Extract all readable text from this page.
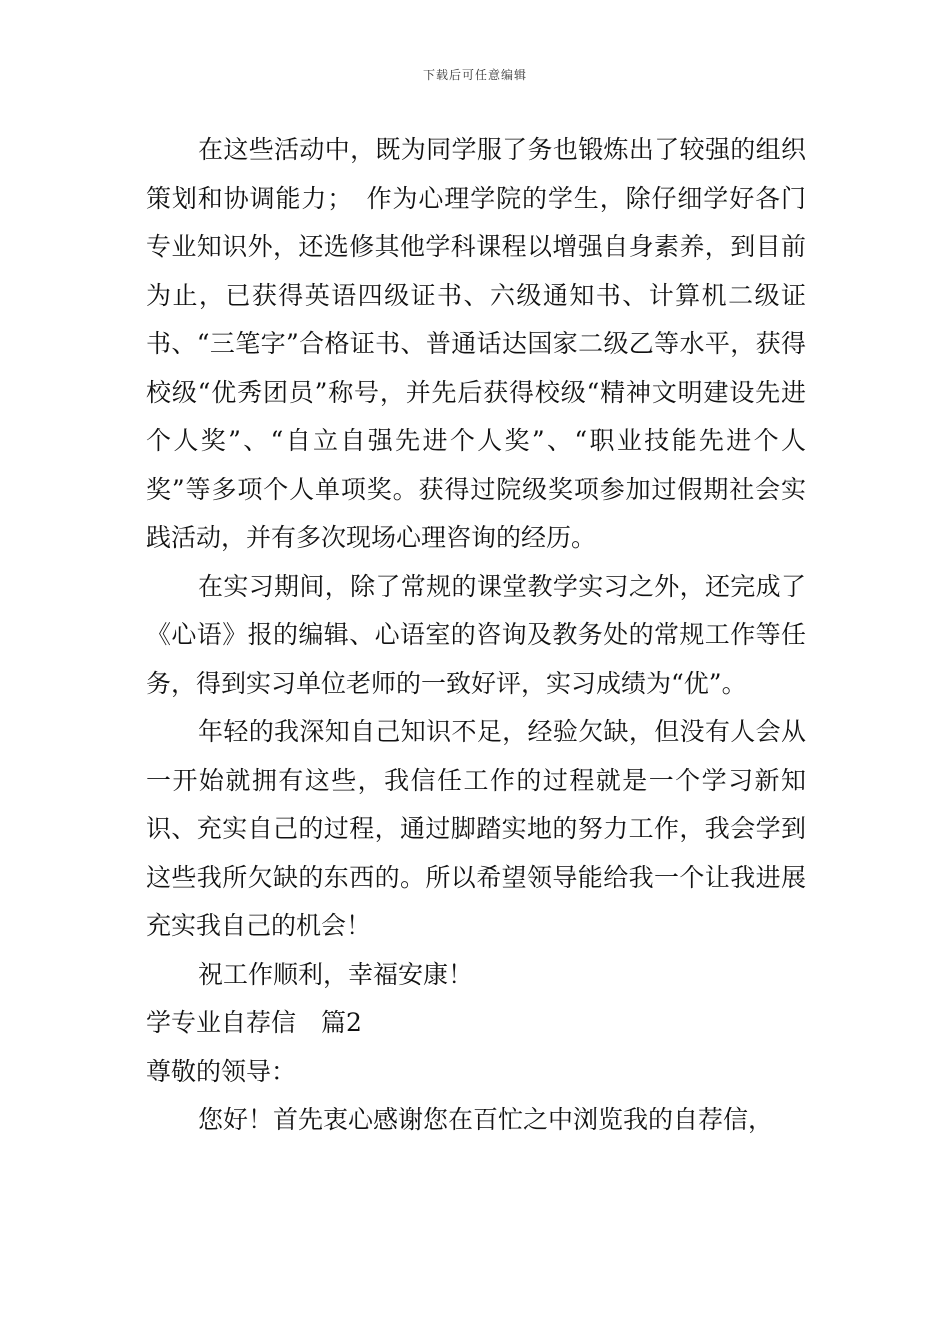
下载后可任意编辑

在这些活动中，既为同学服了务也锻炼出了较强的组织策划和协调能力；　作为心理学院的学生，除仔细学好各门专业知识外，还选修其他学科课程以增强自身素养，到目前为止，已获得英语四级证书、六级通知书、计算机二级证书、“三笔字”合格证书、普通话达国家二级乙等水平，获得校级“优秀团员”称号，并先后获得校级“精神文明建设先进个人奖”、“自立自强先进个人奖”、“职业技能先进个人奖”等多项个人单项奖。获得过院级奖项参加过假期社会实践活动，并有多次现场心理咨询的经历。

在实习期间，除了常规的课堂教学实习之外，还完成了《心语》报的编辑、心语室的咨询及教务处的常规工作等任务，得到实习单位老师的一致好评，实习成绩为“优”。

年轻的我深知自己知识不足，经验欠缺，但没有人会从一开始就拥有这些，我信任工作的过程就是一个学习新知识、充实自己的过程，通过脚踏实地的努力工作，我会学到这些我所欠缺的东西的。所以希望领导能给我一个让我进展充实我自己的机会！

祝工作顺利，幸福安康！

学专业自荐信　篇2

尊敬的领导：

您好！首先衷心感谢您在百忙之中浏览我的自荐信，
